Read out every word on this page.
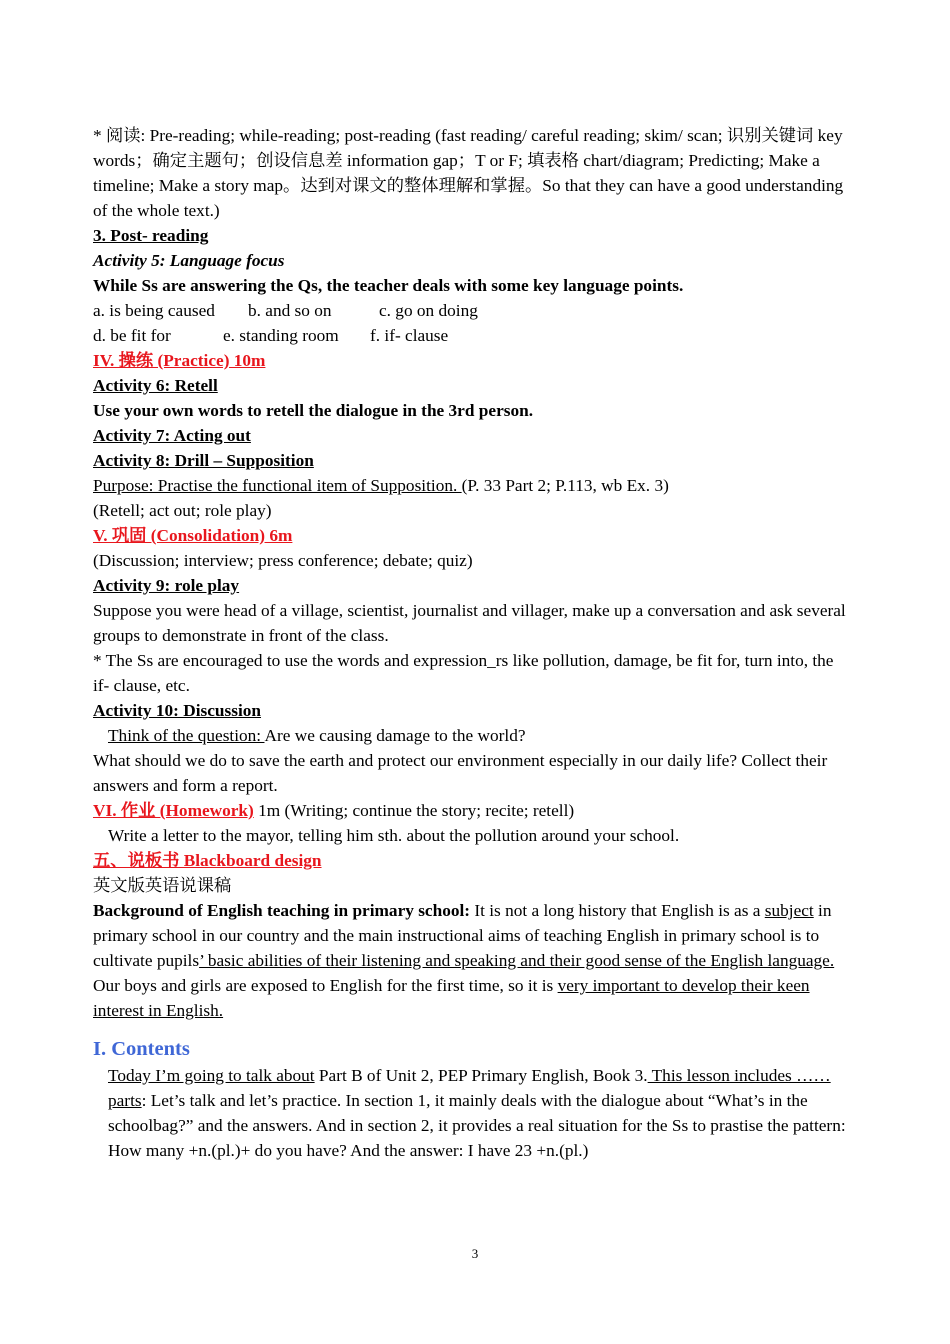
* 阅读: Pre-reading; while-reading; post-reading (fast reading/ careful reading; skim/ scan; 识别关键词 key words；确定主题句；创设信息差 information gap；T or F; 填表格 chart/diagram; Predicting; Make a timeline; Make a story map。达到对课文的整体理解和掌握。So that they can have a good understanding of the whole text.)

3. Post- reading

Activity 5: Language focus

While Ss are answering the Qs, the teacher deals with some key language points.

a. is being caused b. and so on	c. go on doing

d. be fit for	e. standing room f. if- clause

IV. 操练 (Practice) 10m

Activity 6: Retell

Use your own words to retell the dialogue in the 3rd person.

Activity 7: Acting out

Activity 8: Drill – Supposition

Purpose: Practise the functional item of Supposition. (P. 33 Part 2; P.113, wb Ex. 3)

(Retell; act out; role play)

V. 巩固 (Consolidation) 6m

(Discussion; interview; press conference; debate; quiz)

Activity 9: role play

Suppose you were head of a village, scientist, journalist and villager, make up a conversation and ask several groups to demonstrate in front of the class.

* The Ss are encouraged to use the words and expression_rs like pollution, damage, be fit for, turn into, the if- clause, etc.

Activity 10: Discussion

Think of the question: Are we causing damage to the world?

What should we do to save the earth and protect our environment especially in our daily life? Collect their answers and form a report.

VI. 作业 (Homework) 1m (Writing; continue the story; recite; retell)

Write a letter to the mayor, telling him sth. about the pollution around your school.

五、说板书 Blackboard design

英文版英语说课稿

Background of English teaching in primary school: It is not a long history that English is as a subject in primary school in our country and the main instructional aims of teaching English in primary school is to cultivate pupils’ basic abilities of their listening and speaking and their good sense of the English language. Our boys and girls are exposed to English for the first time, so it is very important to develop their keen interest in English.

I. Contents

Today I’m going to talk about Part B of Unit 2, PEP Primary English, Book 3. This lesson includes …… parts: Let’s talk and let’s practice. In section 1, it mainly deals with the dialogue about “What’s in the schoolbag?” and the answers. And in section 2, it provides a real situation for the Ss to prastise the pattern: How many +n.(pl.)+ do you have? And the answer: I have 23 +n.(pl.)

3
